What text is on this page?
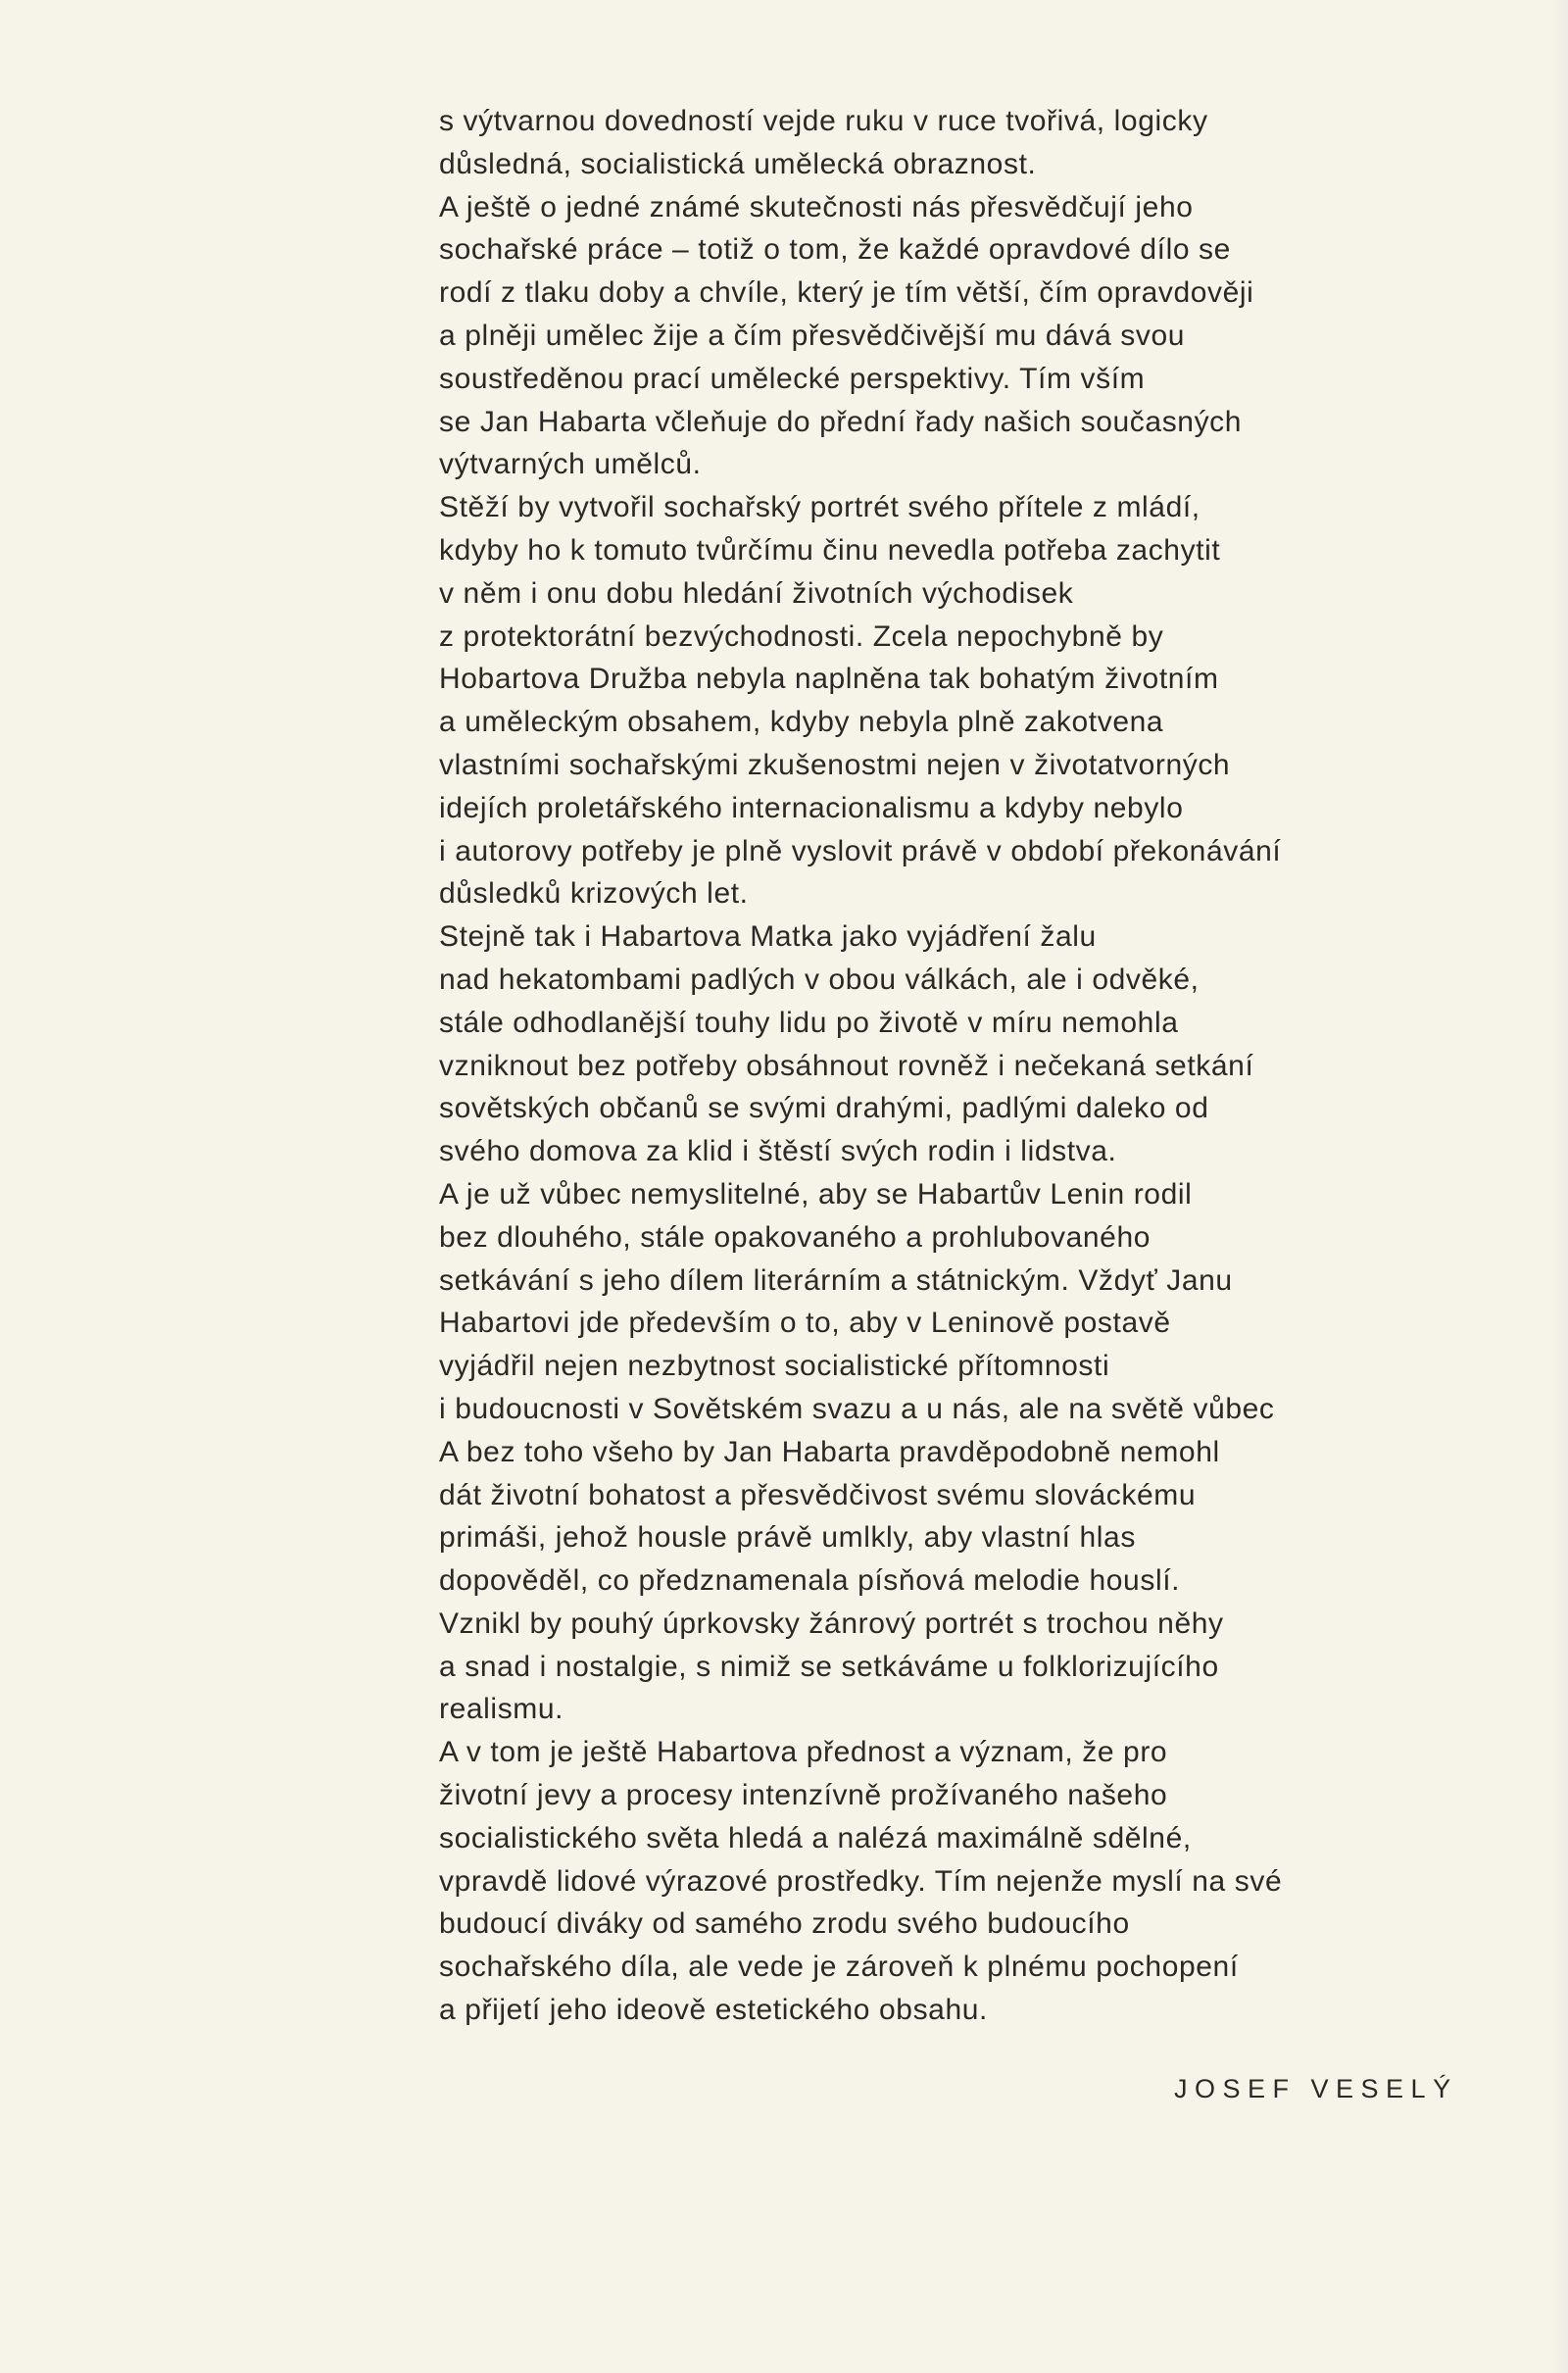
s výtvarnou dovedností vejde ruku v ruce tvořivá, logicky
důsledná, socialistická umělecká obraznost.
A ještě o jedné známé skutečnosti nás přesvědčují jeho
sochařské práce – totiž o tom, že každé opravdové dílo se
rodí z tlaku doby a chvíle, který je tím větší, čím opravdověji
a plněji umělec žije a čím přesvědčivější mu dává svou
soustředěnou prací umělecké perspektivy. Tím vším
se Jan Habarta včleňuje do přední řady našich současných
výtvarných umělců.
Stěží by vytvořil sochařský portrét svého přítele z mládí,
kdyby ho k tomuto tvůrčímu činu nevedla potřeba zachytit
v něm i onu dobu hledání životních východisek
z protektorátní bezvýchodnosti. Zcela nepochybně by
Hobartova Družba nebyla naplněna tak bohatým životním
a uměleckým obsahem, kdyby nebyla plně zakotvena
vlastními sochařskými zkušenostmi nejen v životatvorných
idejích proletářského internacionalismu a kdyby nebylo
i autorovy potřeby je plně vyslovit právě v období překonávání
důsledků krizových let.
Stejně tak i Habartova Matka jako vyjádření žalu
nad hekatombami padlých v obou válkách, ale i odvěké,
stále odhodlanější touhy lidu po životě v míru nemohla
vzniknout bez potřeby obsáhnout rovněž i nečekaná setkání
sovětských občanů se svými drahými, padlými daleko od
svého domova za klid i štěstí svých rodin i lidstva.
A je už vůbec nemyslitelné, aby se Habartův Lenin rodil
bez dlouhého, stále opakovaného a prohlubovaného
setkávání s jeho dílem literárním a státnickým. Vždyť Janu
Habartovi jde především o to, aby v Leninově postavě
vyjádřil nejen nezbytnost socialistické přítomnosti
i budoucnosti v Sovětském svazu a u nás, ale na světě vůbec
A bez toho všeho by Jan Habarta pravděpodobně nemohl
dát životní bohatost a přesvědčivost svému slováckému
primáši, jehož housle právě umlkly, aby vlastní hlas
dopověděl, co předznamenala písňová melodie houslí.
Vznikl by pouhý úprkovsky žánrový portrét s trochou něhy
a snad i nostalgie, s nimiž se setkáváme u folklorizujícího
realismu.
A v tom je ještě Habartova přednost a význam, že pro
životní jevy a procesy intenzívně prožívaného našeho
socialistického světa hledá a nalézá maximálně sdělné,
vpravdě lidové výrazové prostředky. Tím nejenže myslí na své
budoucí diváky od samého zrodu svého budoucího
sochařského díla, ale vede je zároveň k plnému pochopení
a přijetí jeho ideově estetického obsahu.
JOSEF VESELÝ
